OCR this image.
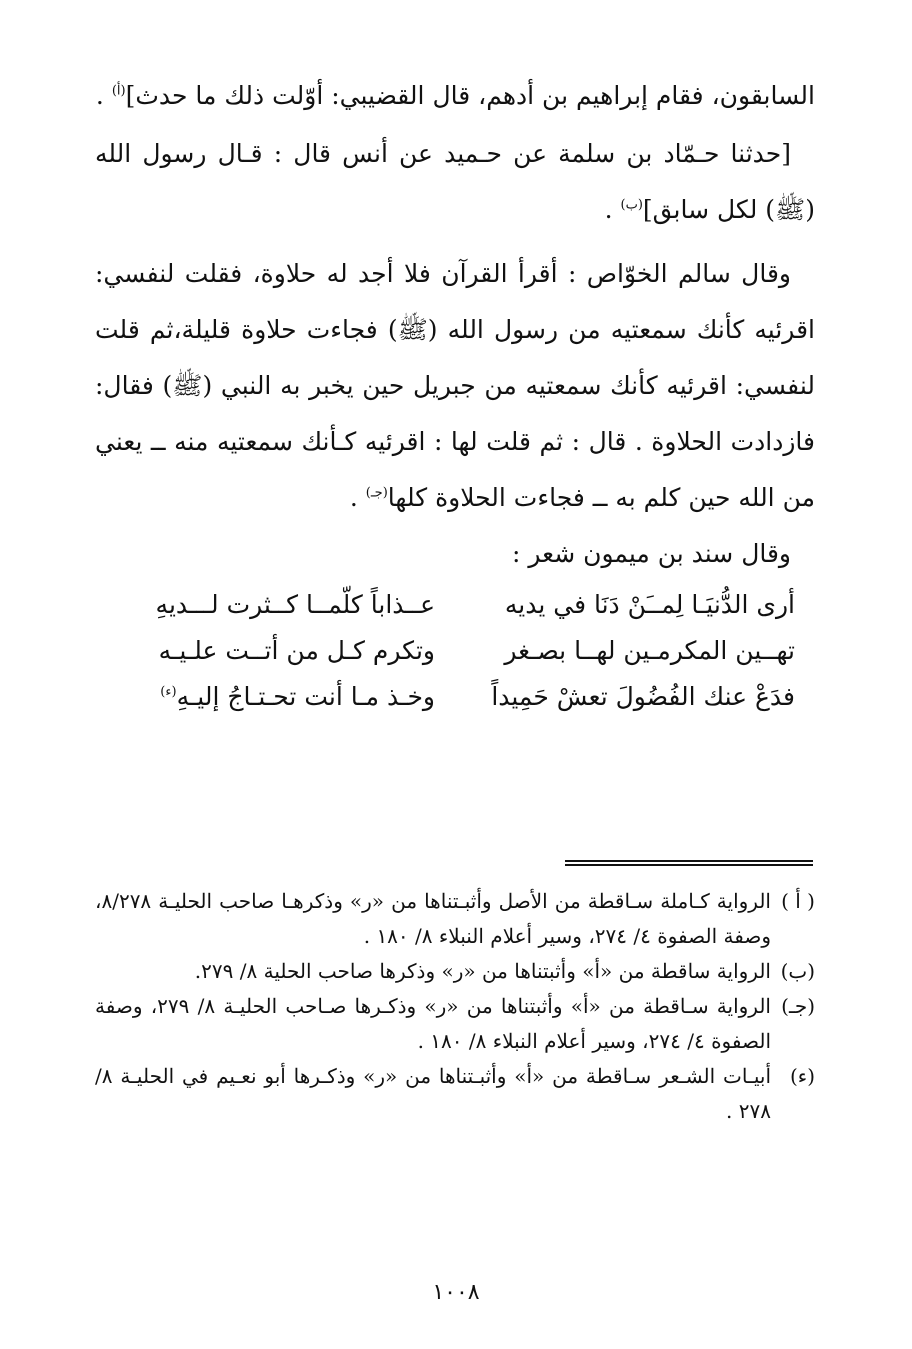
السابقون، فقام إبراهيم بن أدهم، قال القضيبي: أوّلت ذلك ما حدث]$^{(أ)}$ .

[حدثنا حـمّاد بن سلمة عن حـميد عن أنس قال : قـال رسول الله (ﷺ) لكل سابق]$^{(ب)}$ .

وقال سالم الخوّاص : أقرأ القرآن فلا أجد له حلاوة، فقلت لنفسي: اقرئيه كأنك سمعتيه من رسول الله (ﷺ) فجاءت حلاوة قليلة،ثم قلت لنفسي: اقرئيه كأنك سمعتيه من جبريل حين يخبر به النبي (ﷺ) فقال: فازدادت الحلاوة . قال : ثم قلت لها : اقرئيه كـأنك سمعتيه منه ــ يعني من الله حين كلم به ــ فجاءت الحلاوة كلها$^{(جـ)}$ .

وقال سند بن ميمون شعر :

أرى الدُّنيَـا لِمــَنْ دَنَا في يديه
عــذاباً كلّمــا كــثرت لـــديهِ
تهــين المكرمـين لهــا بصـغر
وتكرم كـل من أتــت علـيـه
فدَعْ عنك الفُضُولَ تعشْ حَمِيداً
وخـذ مـا أنت تحـتـاجُ إليـهِ$^{(ء)}$

( أ )الرواية كـاملة سـاقطة من الأصل وأثبـتناها من «ر» وذكرهـا صاحب الحليـة ٨/٢٧٨، وصفة الصفوة ٤/ ٢٧٤، وسير أعلام النبلاء ٨/ ١٨٠ .

(ب)الرواية ساقطة من «أ» وأثبتناها من «ر» وذكرها صاحب الحلية ٨/ ٢٧٩.

(جـ)الرواية سـاقطة من «أ» وأثبتناها من «ر» وذكـرها صـاحب الحليـة ٨/ ٢٧٩، وصفة الصفوة ٤/ ٢٧٤، وسير أعلام النبلاء ٨/ ١٨٠ .

(ء)أبيـات الشـعر سـاقطة من «أ» وأثبـتناها من «ر» وذكـرها أبو نعـيم في الحليـة ٨/ ٢٧٨ .

١٠٠٨
